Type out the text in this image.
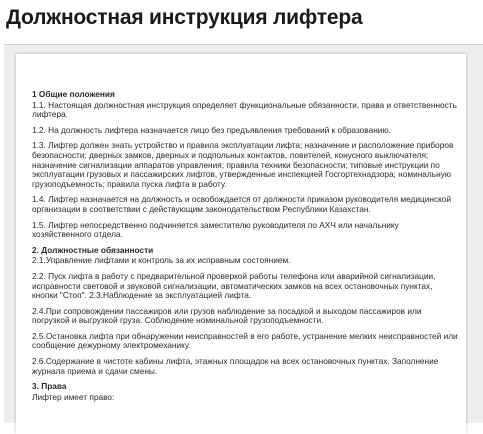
Должностная инструкция лифтера
1 Общие положения
1.1. Настоящая должностная инструкция определяет функциональные обязанности, права и ответственность лифтера.
1.2. На должность лифтера назначается лицо без предъявления требований к образованию.
1.3. Лифтер должен знать устройство и правила эксплуатации лифта; назначение и расположение приборов безопасности; дверных замков, дверных и подпольных контактов, ловителей, конусного выключателя; назначение сигнализации аппаратов управления; правила техники безопасности; типовые инструкции по эксплуатации грузовых и пассажирских лифтов, утвержденные инспекцией Госгортехнадзора; номинальную грузоподъемность; правила пуска лифта в работу.
1.4. Лифтер назначается на должность и освобождается от должности приказом руководителя медицинской организации в соответствии с действующим законодательством Республики Казахстан.
1.5. Лифтер непосредственно подчиняется заместителю руководителя по АХЧ или начальнику хозяйственного отдела.
2. Должностные обязанности
2.1.Управление лифтами и контроль за их исправным состоянием.
2.2. Пуск лифта в работу с предварительной проверкой работы телефона или аварийной сигнализации, исправности световой и звуковой сигнализации, автоматических замков на всех остановочных пунктах, кнопки "Стоп". 2.3.Наблюдение за эксплуатацией лифта.
2.4.При сопровождении пассажиров или грузов наблюдение за посадкой и выходом пассажиров или погрузкой и выгрузкой груза. Соблюдение номинальной грузоподъемности.
2.5.Остановка лифта при обнаружении неисправностей в его работе, устранение мелких неисправностей или сообщение дежурному электромеханику.
2.6.Содержание в чистоте кабины лифта, этажных площадок на всех остановочных пунктах. Заполнение журнала приема и сдачи смены.
3. Права
Лифтер имеет право:
